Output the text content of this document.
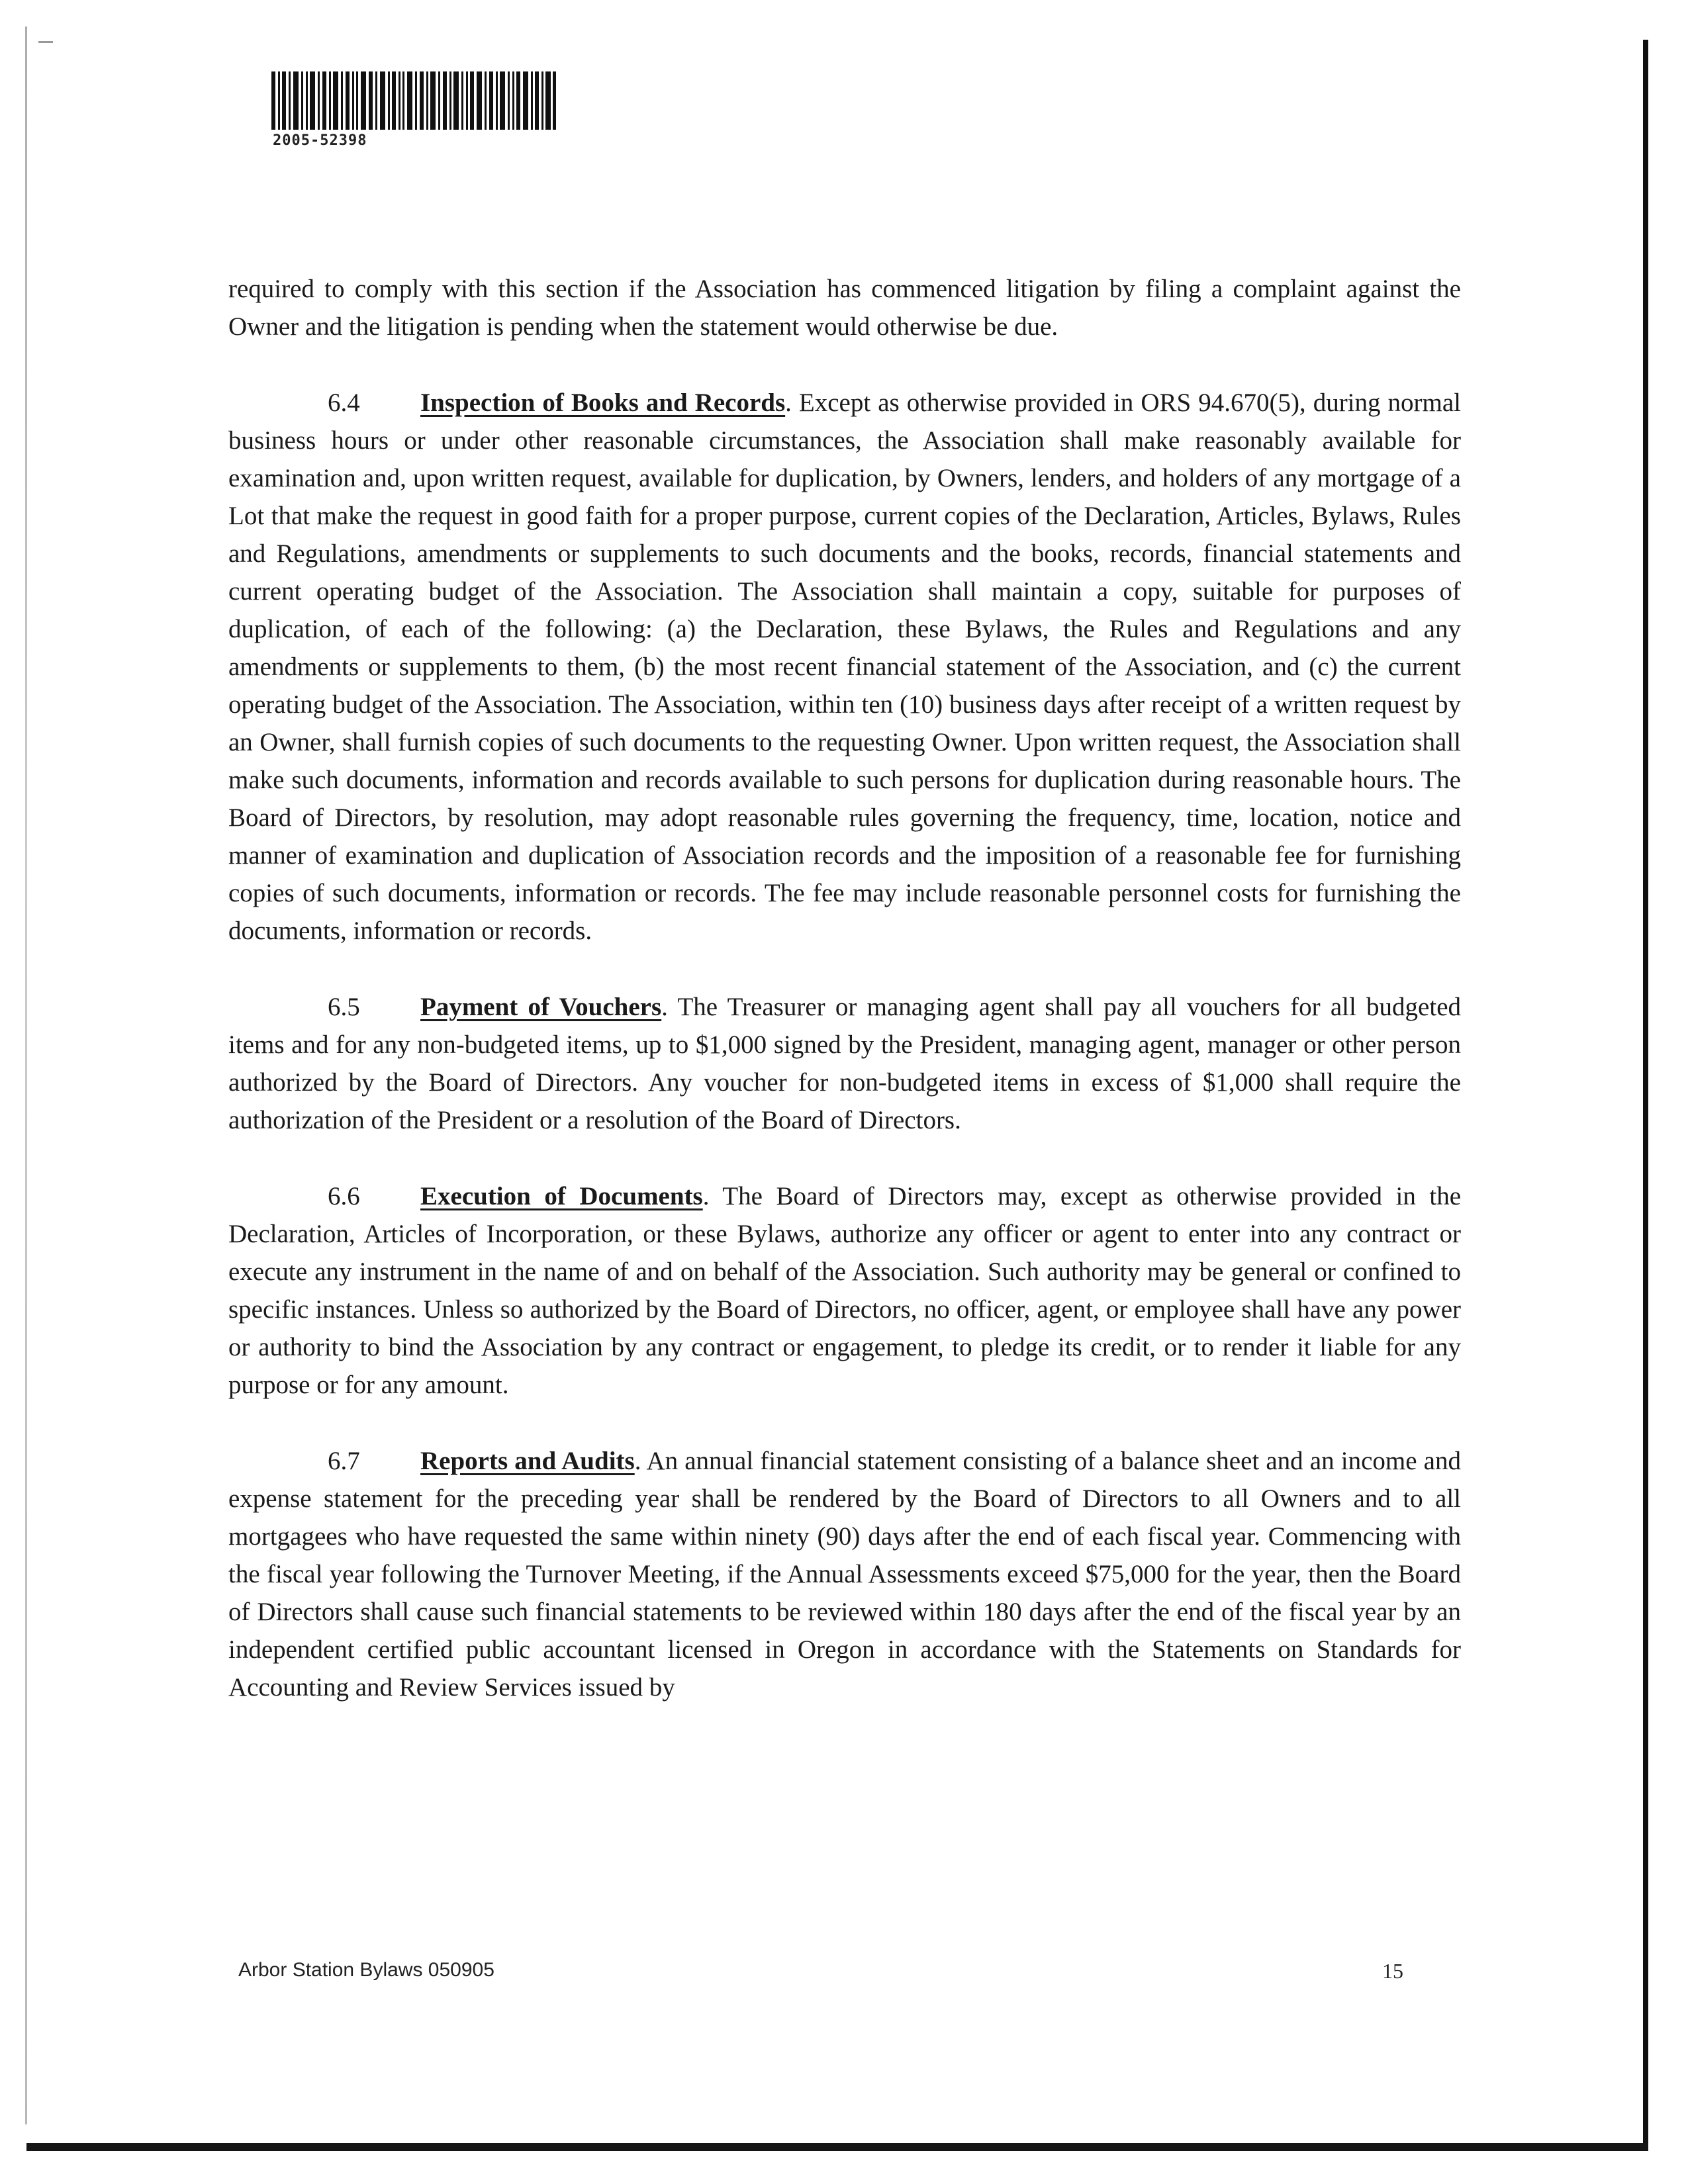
2005-52398

required to comply with this section if the Association has commenced litigation by filing a complaint against the Owner and the litigation is pending when the statement would otherwise be due.

6.4 Inspection of Books and Records. Except as otherwise provided in ORS 94.670(5), during normal business hours or under other reasonable circumstances, the Association shall make reasonably available for examination and, upon written request, available for duplication, by Owners, lenders, and holders of any mortgage of a Lot that make the request in good faith for a proper purpose, current copies of the Declaration, Articles, Bylaws, Rules and Regulations, amendments or supplements to such documents and the books, records, financial statements and current operating budget of the Association. The Association shall maintain a copy, suitable for purposes of duplication, of each of the following: (a) the Declaration, these Bylaws, the Rules and Regulations and any amendments or supplements to them, (b) the most recent financial statement of the Association, and (c) the current operating budget of the Association. The Association, within ten (10) business days after receipt of a written request by an Owner, shall furnish copies of such documents to the requesting Owner. Upon written request, the Association shall make such documents, information and records available to such persons for duplication during reasonable hours. The Board of Directors, by resolution, may adopt reasonable rules governing the frequency, time, location, notice and manner of examination and duplication of Association records and the imposition of a reasonable fee for furnishing copies of such documents, information or records. The fee may include reasonable personnel costs for furnishing the documents, information or records.

6.5 Payment of Vouchers. The Treasurer or managing agent shall pay all vouchers for all budgeted items and for any non-budgeted items, up to $1,000 signed by the President, managing agent, manager or other person authorized by the Board of Directors. Any voucher for non-budgeted items in excess of $1,000 shall require the authorization of the President or a resolution of the Board of Directors.

6.6 Execution of Documents. The Board of Directors may, except as otherwise provided in the Declaration, Articles of Incorporation, or these Bylaws, authorize any officer or agent to enter into any contract or execute any instrument in the name of and on behalf of the Association. Such authority may be general or confined to specific instances. Unless so authorized by the Board of Directors, no officer, agent, or employee shall have any power or authority to bind the Association by any contract or engagement, to pledge its credit, or to render it liable for any purpose or for any amount.

6.7 Reports and Audits. An annual financial statement consisting of a balance sheet and an income and expense statement for the preceding year shall be rendered by the Board of Directors to all Owners and to all mortgagees who have requested the same within ninety (90) days after the end of each fiscal year. Commencing with the fiscal year following the Turnover Meeting, if the Annual Assessments exceed $75,000 for the year, then the Board of Directors shall cause such financial statements to be reviewed within 180 days after the end of the fiscal year by an independent certified public accountant licensed in Oregon in accordance with the Statements on Standards for Accounting and Review Services issued by

Arbor Station Bylaws 050905	15
